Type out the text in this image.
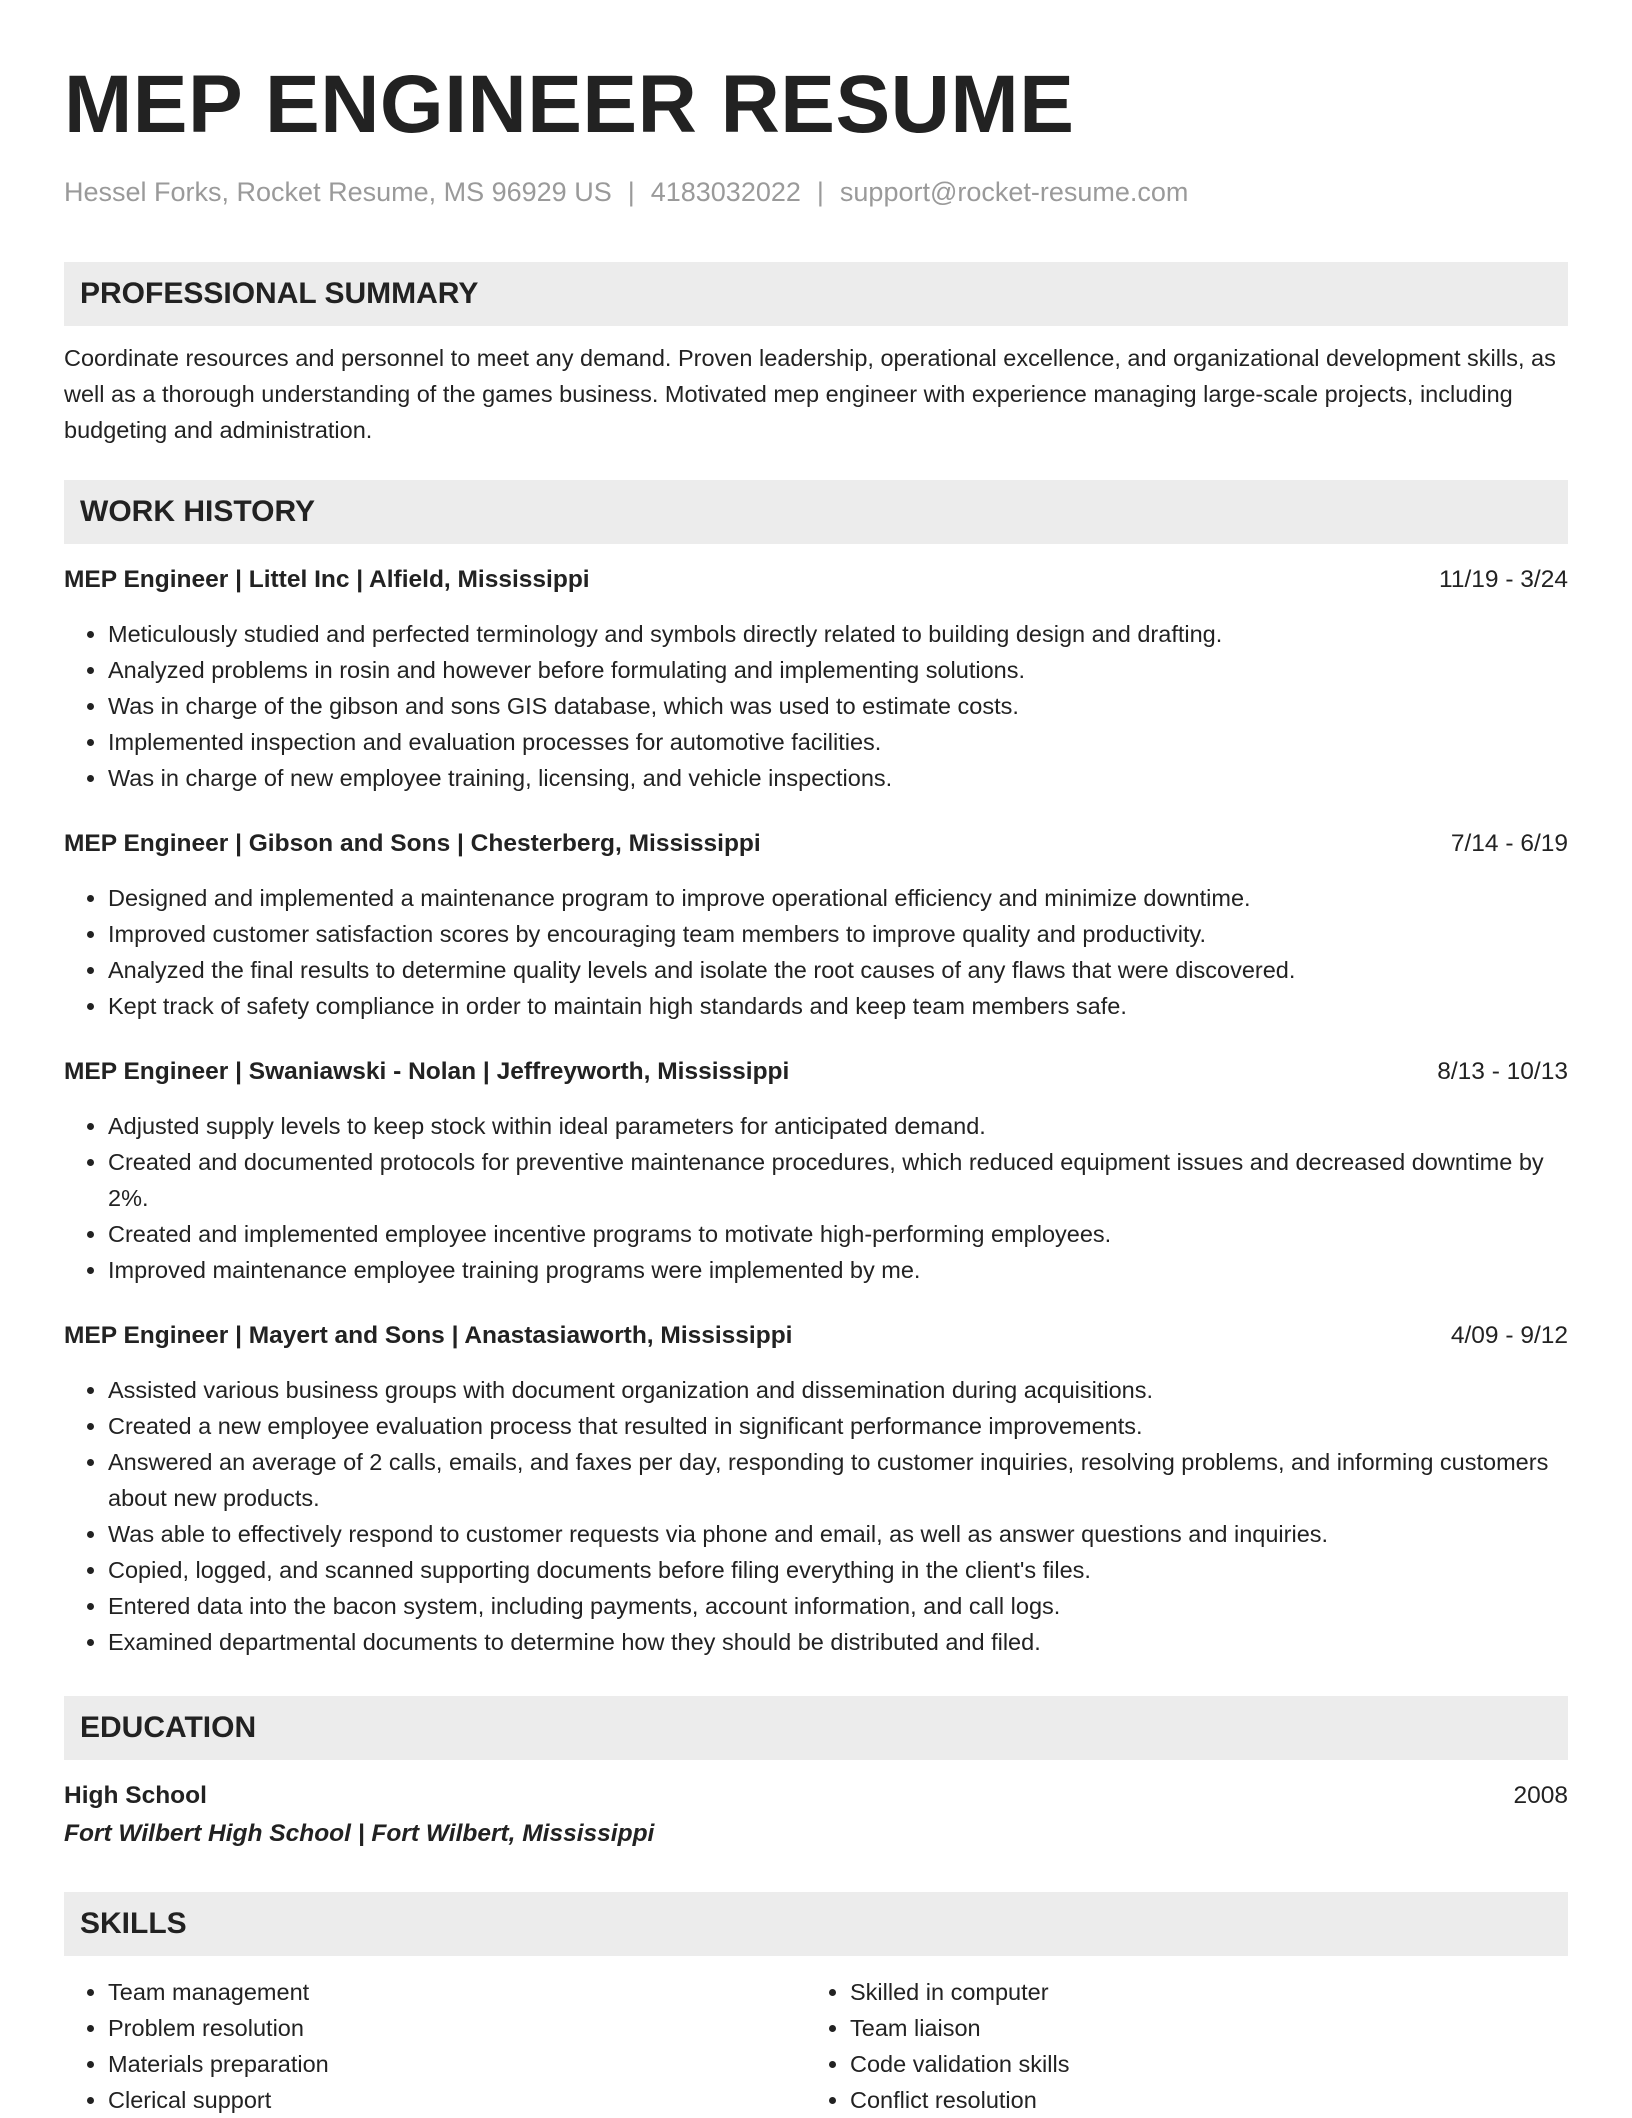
MEP ENGINEER RESUME
Hessel Forks, Rocket Resume, MS 96929 US | 4183032022 | support@rocket-resume.com
PROFESSIONAL SUMMARY

Coordinate resources and personnel to meet any demand. Proven leadership, operational excellence, and organizational development skills, as well as a thorough understanding of the games business. Motivated mep engineer with experience managing large-scale projects, including budgeting and administration.

WORK HISTORY
MEP Engineer | Littel Inc | Alfield, Mississippi	11/19 - 3/24
• Meticulously studied and perfected terminology and symbols directly related to building design and drafting.
• Analyzed problems in rosin and however before formulating and implementing solutions.
• Was in charge of the gibson and sons GIS database, which was used to estimate costs.
• Implemented inspection and evaluation processes for automotive facilities.
• Was in charge of new employee training, licensing, and vehicle inspections.
MEP Engineer | Gibson and Sons | Chesterberg, Mississippi	7/14 - 6/19
• Designed and implemented a maintenance program to improve operational efficiency and minimize downtime.
• Improved customer satisfaction scores by encouraging team members to improve quality and productivity.
• Analyzed the final results to determine quality levels and isolate the root causes of any flaws that were discovered.
• Kept track of safety compliance in order to maintain high standards and keep team members safe.
MEP Engineer | Swaniawski - Nolan | Jeffreyworth, Mississippi	8/13 - 10/13
• Adjusted supply levels to keep stock within ideal parameters for anticipated demand.
• Created and documented protocols for preventive maintenance procedures, which reduced equipment issues and decreased downtime by 2%.
• Created and implemented employee incentive programs to motivate high-performing employees.
• Improved maintenance employee training programs were implemented by me.
MEP Engineer | Mayert and Sons | Anastasiaworth, Mississippi	4/09 - 9/12
• Assisted various business groups with document organization and dissemination during acquisitions.
• Created a new employee evaluation process that resulted in significant performance improvements.
• Answered an average of 2 calls, emails, and faxes per day, responding to customer inquiries, resolving problems, and informing customers about new products.
• Was able to effectively respond to customer requests via phone and email, as well as answer questions and inquiries.
• Copied, logged, and scanned supporting documents before filing everything in the client's files.
• Entered data into the bacon system, including payments, account information, and call logs.
• Examined departmental documents to determine how they should be distributed and filed.
EDUCATION
High School	2008
Fort Wilbert High School | Fort Wilbert, Mississippi
SKILLS
• Team management
• Problem resolution
• Materials preparation
• Clerical support
• Skilled in computer
• Team liaison
• Code validation skills
• Conflict resolution
